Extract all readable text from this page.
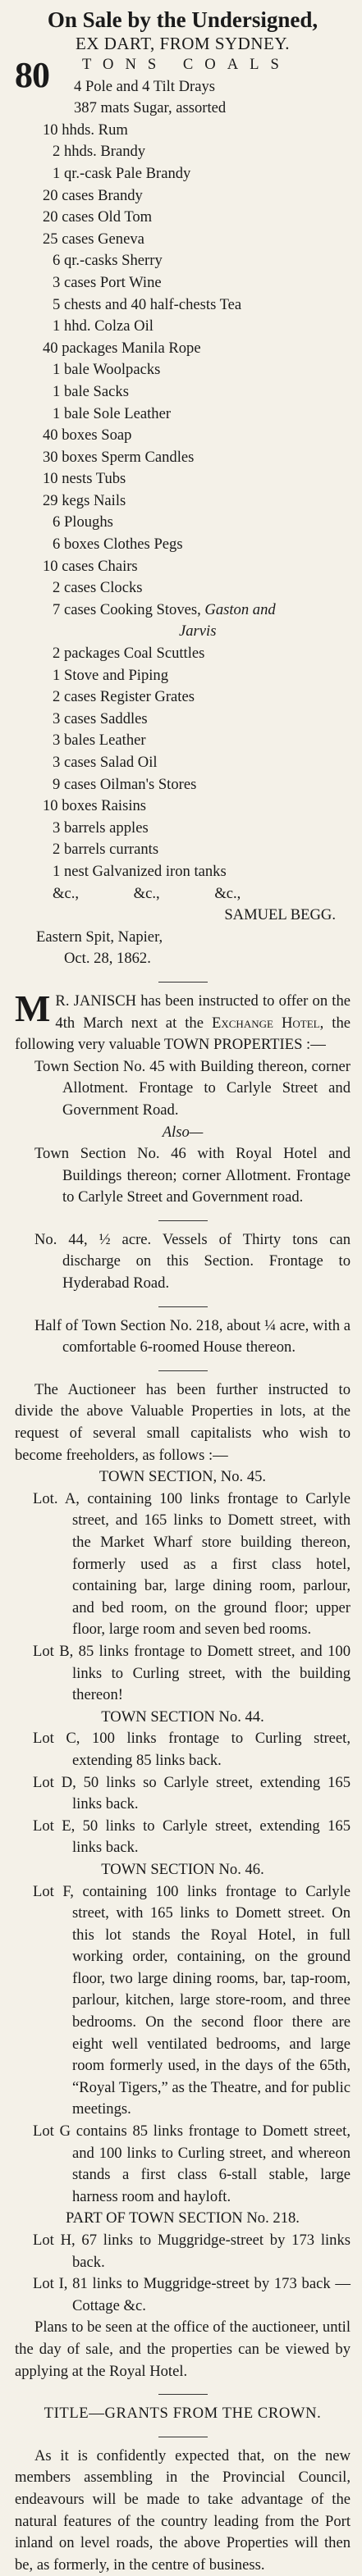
On Sale by the Undersigned,
EX DART, FROM SYDNEY.
80	TONS COALS
4 Pole and 4 Tilt Drays
387 mats Sugar, assorted
10 hhds. Rum
2 hhds. Brandy
1 qr.-cask Pale Brandy
20 cases Brandy
20 cases Old Tom
25 cases Geneva
6 qr.-casks Sherry
3 cases Port Wine
5 chests and 40 half-chests Tea
1 hhd. Colza Oil
40 packages Manila Rope
1 bale Woolpacks
1 bale Sacks
1 bale Sole Leather
40 boxes Soap
30 boxes Sperm Candles
10 nests Tubs
29 kegs Nails
6 Ploughs
6 boxes Clothes Pegs
10 cases Chairs
2 cases Clocks
7 cases Cooking Stoves, Gaston and
Jarvis
2 packages Coal Scuttles
1 Stove and Piping
2 cases Register Grates
3 cases Saddles
3 bales Leather
3 cases Salad Oil
9 cases Oilman's Stores
10 boxes Raisins
3 barrels apples
2 barrels currants
1 nest Galvanized iron tanks
&c., &c., &c.,
SAMUEL BEGG.
Eastern Spit, Napier,
Oct. 28, 1862.
M R. JANISCH has been instructed to offer on the 4th March next at the Exchange Hotel, the following very valuable TOWN PROPERTIES :—
Town Section No. 45 with Building thereon, corner Allotment. Frontage to Carlyle Street and Government Road.
Also—
Town Section No. 46 with Royal Hotel and Buildings thereon; corner Allotment. Frontage to Carlyle Street and Government road.
No. 44, ½ acre. Vessels of Thirty tons can discharge on this Section. Frontage to Hyderabad Road.
Half of Town Section No. 218, about ¼ acre, with a comfortable 6-roomed House thereon.
The Auctioneer has been further instructed to divide the above Valuable Properties in lots, at the request of several small capitalists who wish to become freeholders, as follows :—
TOWN SECTION, No. 45.
Lot. A, containing 100 links frontage to Carlyle street, and 165 links to Domett street, with the Market Wharf store building thereon, formerly used as a first class hotel, containing bar, large dining room, parlour, and bed room, on the ground floor; upper floor, large room and seven bed rooms.
Lot B, 85 links frontage to Domett street, and 100 links to Curling street, with the building thereon!
TOWN SECTION No. 44.
Lot C, 100 links frontage to Curling street, extending 85 links back.
Lot D, 50 links so Carlyle street, extending 165 links back.
Lot E, 50 links to Carlyle street, extending 165 links back.
TOWN SECTION No. 46.
Lot F, containing 100 links frontage to Carlyle street, with 165 links to Domett street. On this lot stands the Royal Hotel, in full working order, containing, on the ground floor, two large dining rooms, bar, tap-room, parlour, kitchen, large store-room, and three bedrooms. On the second floor there are eight well ventilated bedrooms, and large room formerly used, in the days of the 65th, “Royal Tigers,” as the Theatre, and for public meetings.
Lot G contains 85 links frontage to Domett street, and 100 links to Curling street, and whereon stands a first class 6-stall stable, large harness room and hayloft.
PART OF TOWN SECTION No. 218.
Lot H, 67 links to Muggridge-street by 173 links back.
Lot I, 81 links to Muggridge-street by 173 back —Cottage &c.
Plans to be seen at the office of the auctioneer, until the day of sale, and the properties can be viewed by applying at the Royal Hotel.
TITLE—GRANTS FROM THE CROWN.
As it is confidently expected that, on the new members assembling in the Provincial Council, endeavours will be made to take advantage of the natural features of the country leading from the Port inland on level roads, the above Properties will then be, as formerly, in the centre of business.
